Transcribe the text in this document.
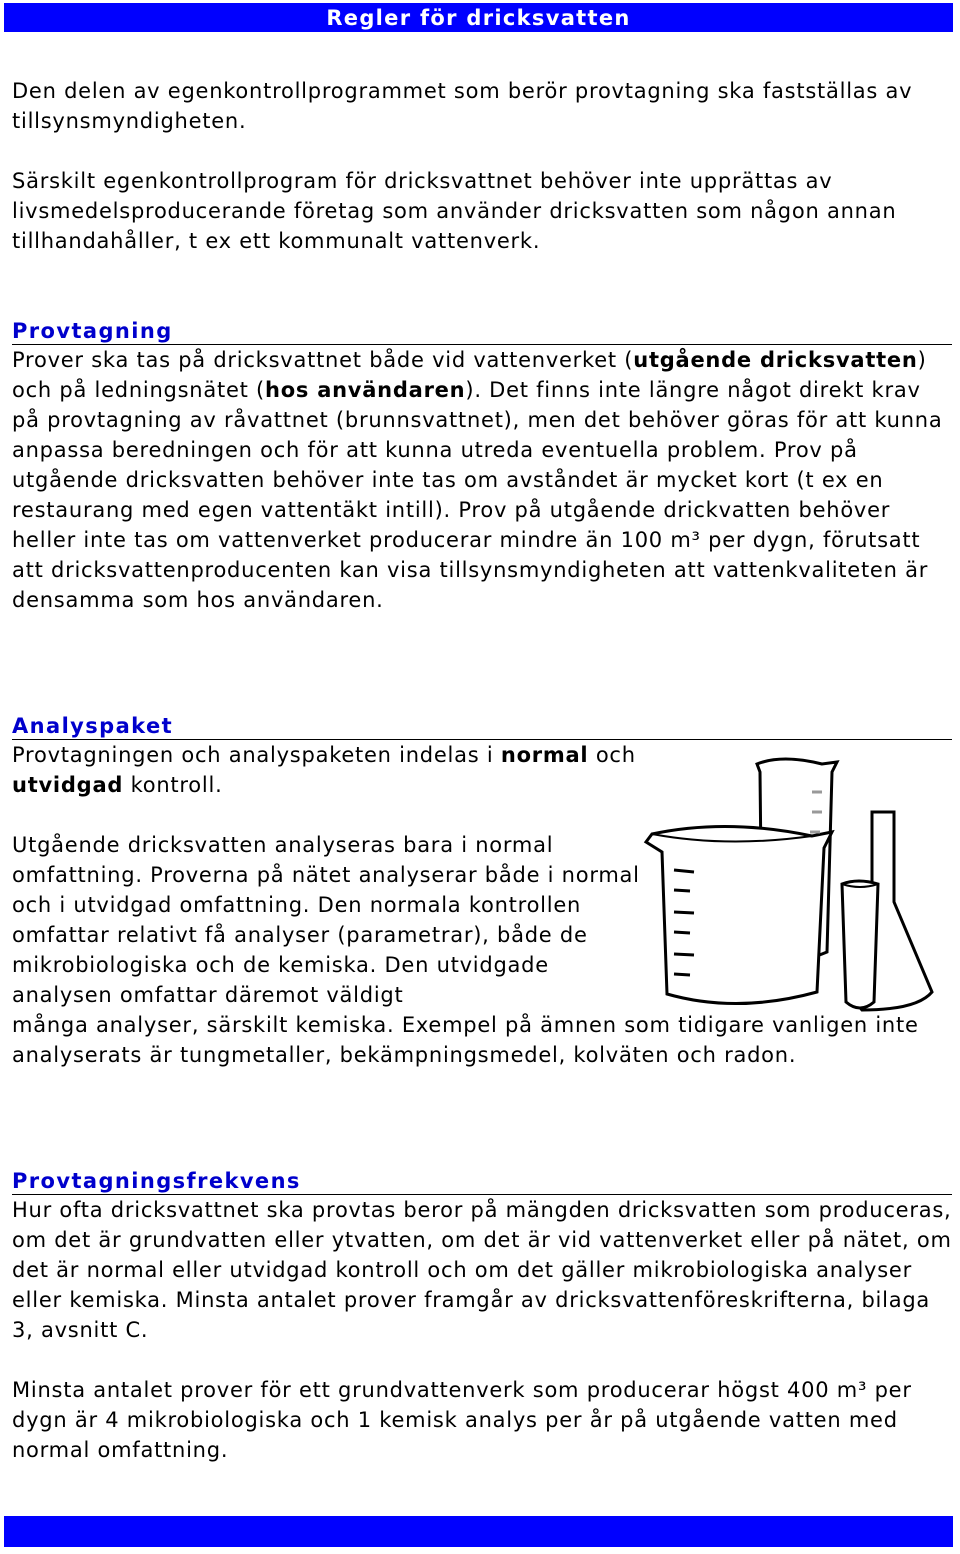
Regler för dricksvatten

Den delen av egenkontrollprogrammet som berör provtagning ska fastställas av tillsynsmyndigheten.

Särskilt egenkontrollprogram för dricksvattnet behöver inte upprättas av livsmedelsproducerande företag som använder dricksvatten som någon annan tillhandahåller, t ex ett kommunalt vattenverk.

Provtagning

Prover ska tas på dricksvattnet både vid vattenverket (utgående dricksvatten) och på ledningsnätet (hos användaren). Det finns inte längre något direkt krav på provtagning av råvattnet (brunnsvattnet), men det behöver göras för att kunna anpassa beredningen och för att kunna utreda eventuella problem. Prov på utgående dricksvatten behöver inte tas om avståndet är mycket kort (t ex en restaurang med egen vattentäkt intill). Prov på utgående drickvatten behöver heller inte tas om vattenverket producerar mindre än 100 m³ per dygn, förutsatt att dricksvattenproducenten kan visa tillsynsmyndigheten att vattenkvaliteten är densamma som hos användaren.

Analyspaket

Provtagningen och analyspaketen indelas i normal och utvidgad kontroll.

Utgående dricksvatten analyseras bara i normal omfattning. Proverna på nätet analyserar både i normal och i utvidgad omfattning. Den normala kontrollen omfattar relativt få analyser (parametrar), både de mikrobiologiska och de kemiska. Den utvidgade analysen omfattar däremot väldigt

många analyser, särskilt kemiska. Exempel på ämnen som tidigare vanligen inte analyserats är tungmetaller, bekämpningsmedel, kolväten och radon.

Provtagningsfrekvens

Hur ofta dricksvattnet ska provtas beror på mängden dricksvatten som produceras, om det är grundvatten eller ytvatten, om det är vid vattenverket eller på nätet, om det är normal eller utvidgad kontroll och om det gäller mikrobiologiska analyser eller kemiska. Minsta antalet prover framgår av dricksvattenföreskrifterna, bilaga 3, avsnitt C.

Minsta antalet prover för ett grundvattenverk som producerar högst 400 m³ per dygn är 4 mikrobiologiska och 1 kemisk analys per år på utgående vatten med normal omfattning.
